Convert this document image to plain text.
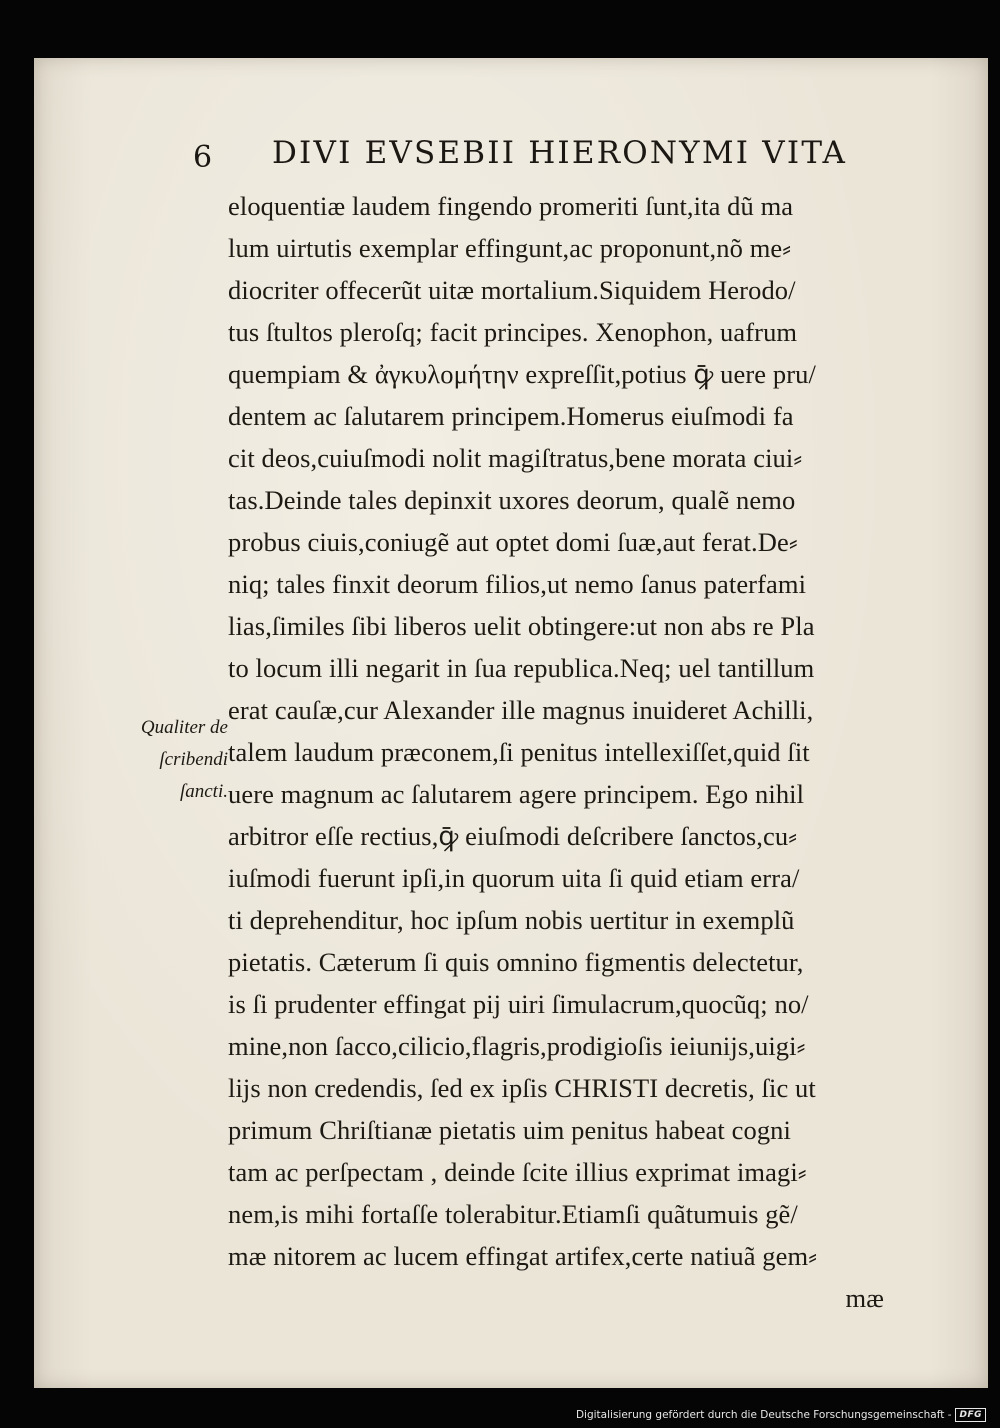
6 DIVI EVSEBII HIERONYMI VITA
eloquentiæ laudem fingendo promeriti ſunt,ita dũ ma
lum uirtutis exemplar effingunt,ac proponunt,nõ me⸗
diocriter offecerũt uitæ mortalium.Siquidem Herodo/
tus ſtultos pleroſq; facit principes. Xenophon, uafrum
quempiam & ἀγκυλομήτην expreſſit,potius ꝙ̄ uere pru/
dentem ac ſalutarem principem.Homerus eiuſmodi fa
cit deos,cuiuſmodi nolit magiſtratus,bene morata ciui⸗
tas.Deinde tales depinxit uxores deorum, qualẽ nemo
probus ciuis,coniugẽ aut optet domi ſuæ,aut ferat.De⸗
niq; tales finxit deorum filios,ut nemo ſanus paterfami
lias,ſimiles ſibi liberos uelit obtingere:ut non abs re Pla
to locum illi negarit in ſua republica.Neq; uel tantillum
erat cauſæ,cur Alexander ille magnus inuideret Achilli,
talem laudum præconem,ſi penitus intellexiſſet,quid ſit
uere magnum ac ſalutarem agere principem. Ego nihil
arbitror eſſe rectius,ꝙ̄ eiuſmodi deſcribere ſanctos,cu⸗
iuſmodi fuerunt ipſi,in quorum uita ſi quid etiam erra/
ti deprehenditur, hoc ipſum nobis uertitur in exemplũ
pietatis. Cæterum ſi quis omnino figmentis delectetur,
is ſi prudenter effingat pij uiri ſimulacrum,quocũq; no/
mine,non ſacco,cilicio,flagris,prodigioſis ieiunijs,uigi⸗
lijs non credendis, ſed ex ipſis CHRISTI decretis, ſic ut
primum Chriſtianæ pietatis uim penitus habeat cogni
tam ac perſpectam , deinde ſcite illius exprimat imagi⸗
nem,is mihi fortaſſe tolerabitur.Etiamſi quãtumuis gẽ/
mæ nitorem ac lucem effingat artifex,certe natiuã gem⸗
mæ
Qualiter de
ſcribendi
ſancti.
Digitalisierung gefördert durch die Deutsche Forschungsgemeinschaft - DFG
